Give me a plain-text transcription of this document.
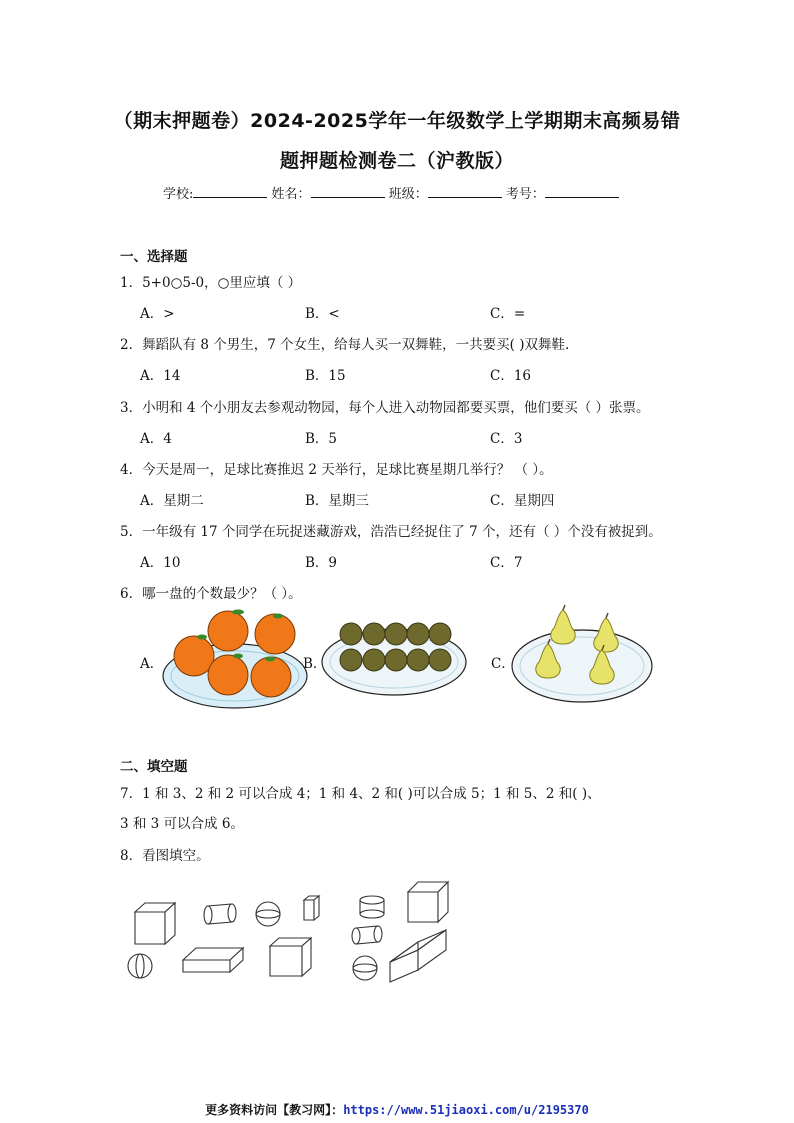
（期末押题卷）2024-2025学年一年级数学上学期期末高频易错
题押题检测卷二（沪教版）
学校:	姓名：	班级：	考号：
一、选择题
1．5+0○5-0，○里应填（ ）
A．>	B．<	C．=
2．舞蹈队有 8 个男生，7 个女生，给每人买一双舞鞋，一共要买( )双舞鞋.
A．14	B．15	C．16
3．小明和 4 个小朋友去参观动物园，每个人进入动物园都要买票，他们要买（ ）张票。
A．4	B．5	C．3
4．今天是周一，足球比赛推迟 2 天举行，足球比赛星期几举行？ （ ）。
A．星期二	B．星期三	C．星期四
5．一年级有 17 个同学在玩捉迷藏游戏，浩浩已经捉住了 7 个，还有（ ）个没有被捉到。
A．10	B．9	C．7
6．哪一盘的个数最少？（ ）。
A．	B．	C．
二、填空题
7．1 和 3、2 和 2 可以合成 4；1 和 4、2 和( )可以合成 5；1 和 5、2 和( )、
3 和 3 可以合成 6。
8．看图填空。
更多资料访问【教习网】：https://www.51jiaoxi.com/u/2195370
